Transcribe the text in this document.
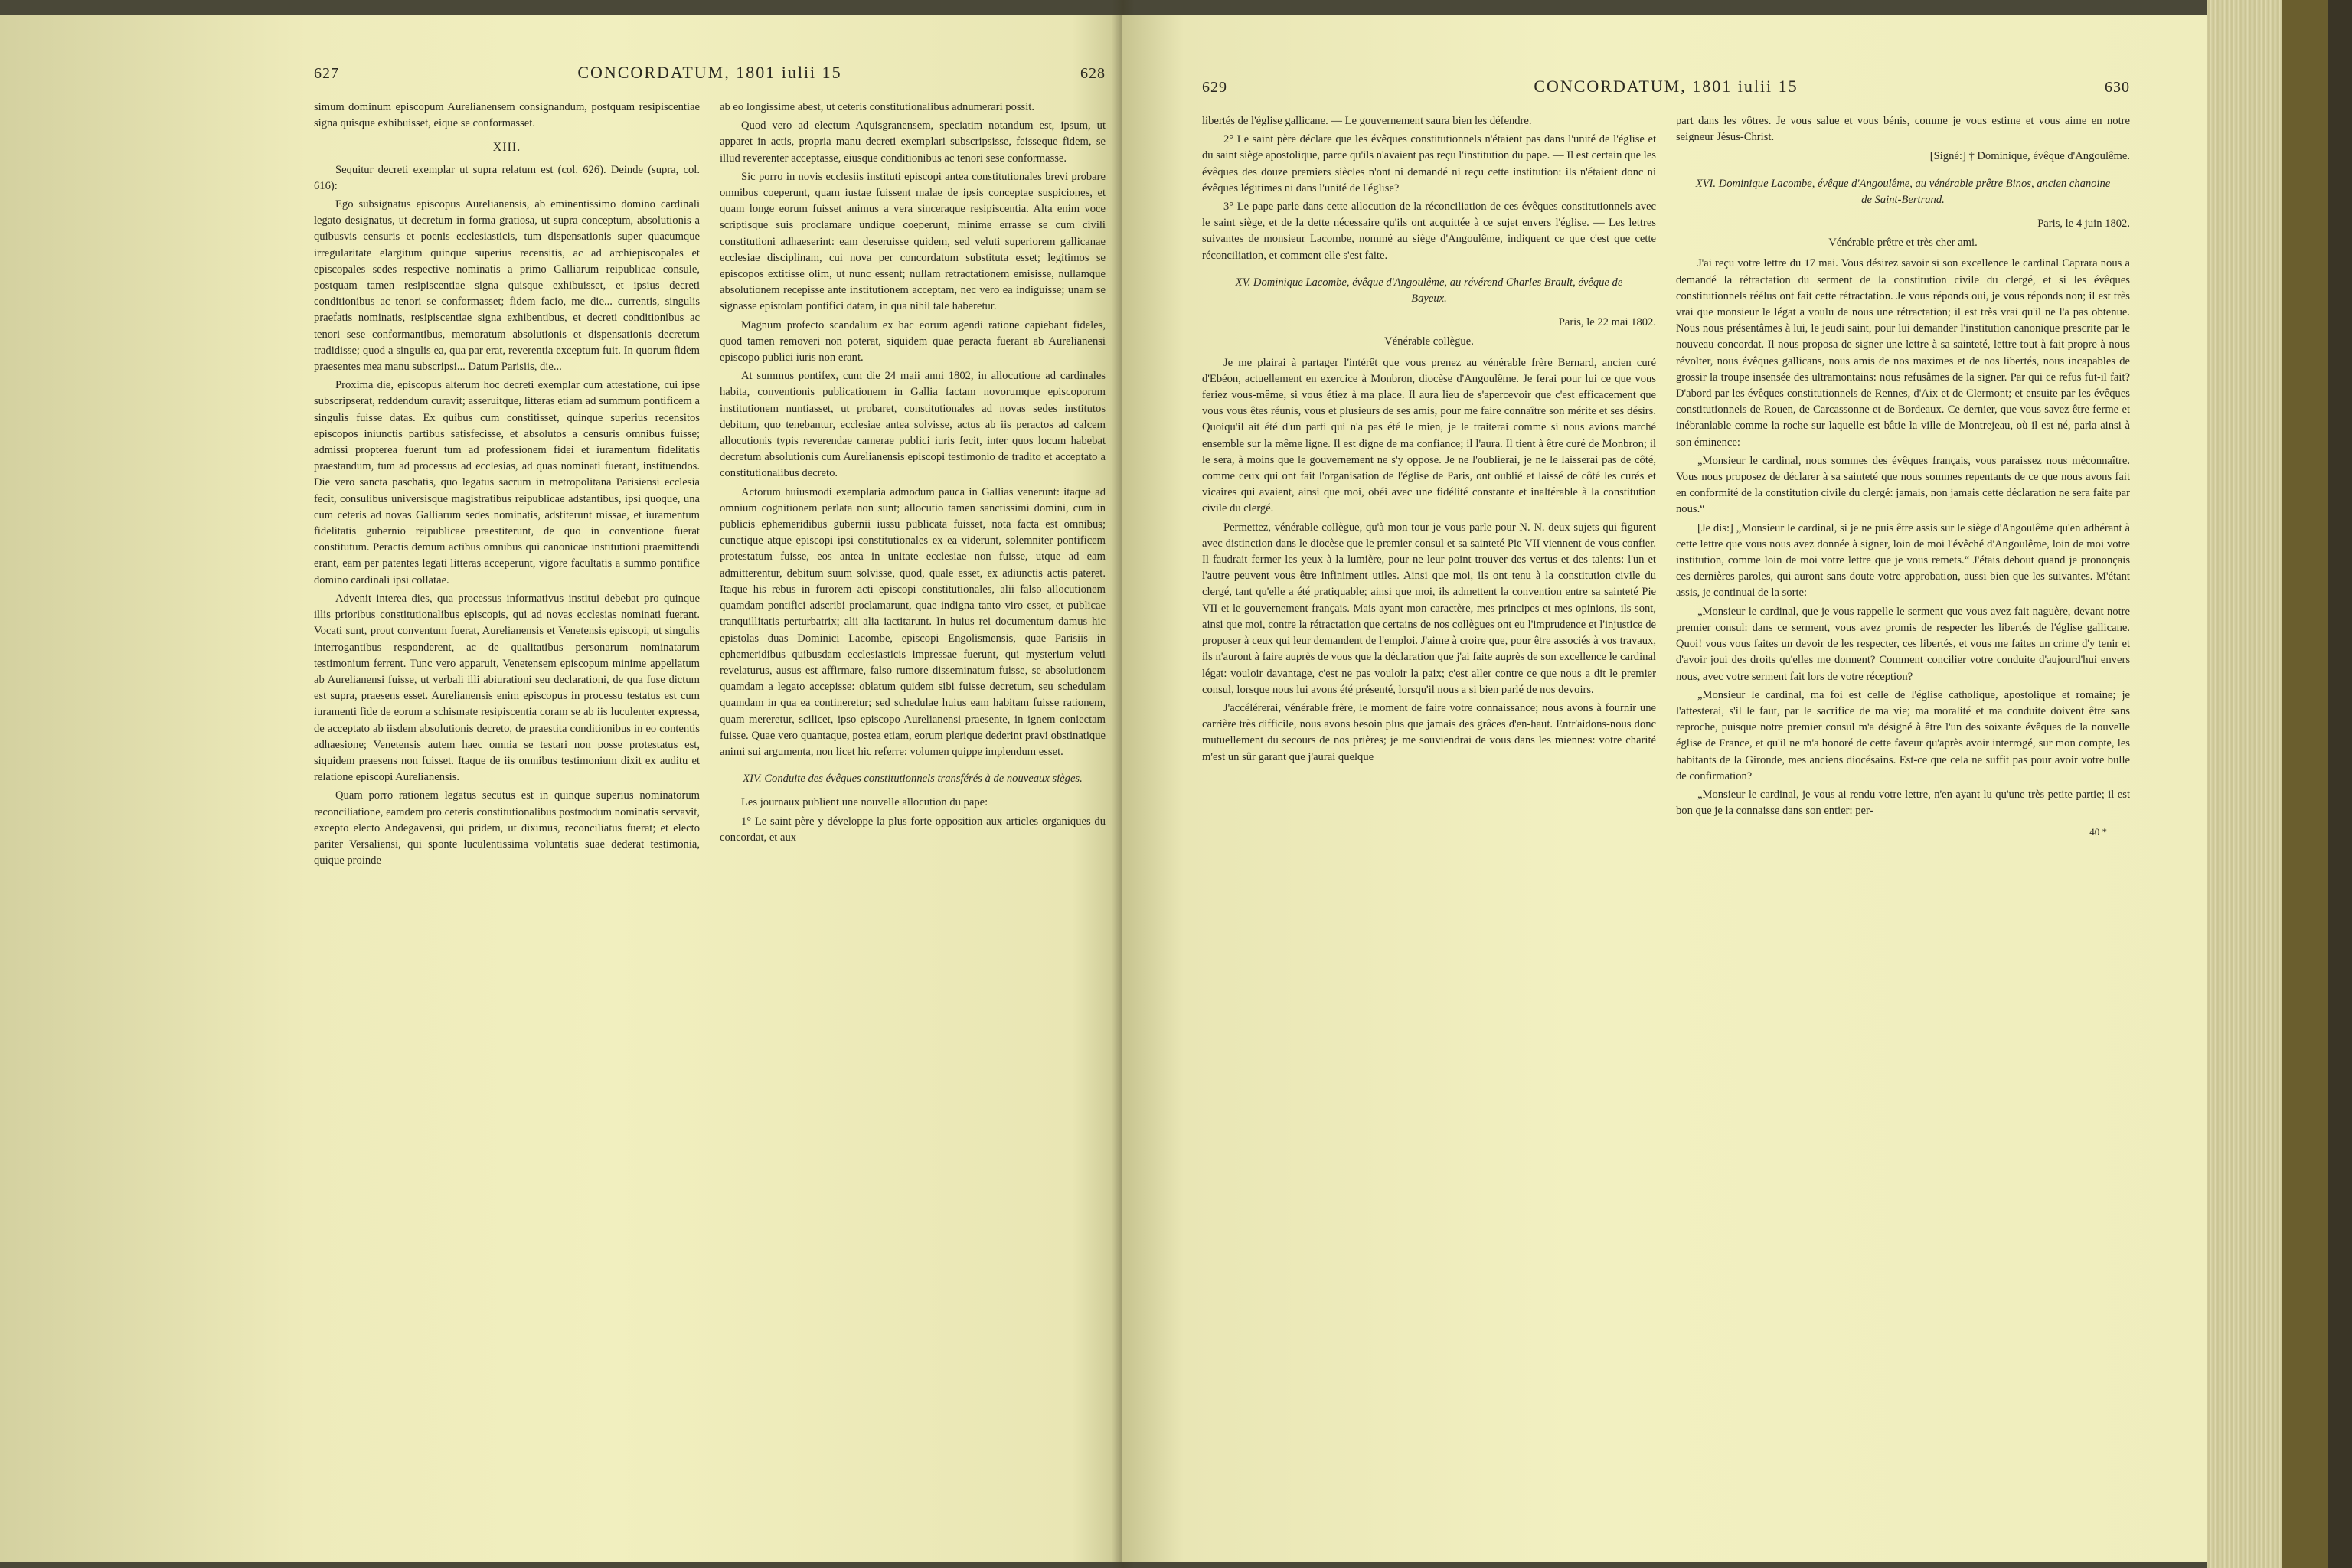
627	CONCORDATUM, 1801 iulii 15	628

simum dominum episcopum Aurelianensem consignandum, postquam resipiscentiae signa quisque exhibuisset, eique se conformasset.

XIII.

Sequitur decreti exemplar ut supra relatum est (col. 626). Deinde (supra, col. 616):

Ego subsignatus episcopus Aurelianensis, ab eminentissimo domino cardinali legato designatus, ut decretum in forma gratiosa, ut supra conceptum, absolutionis a quibusvis censuris et poenis ecclesiasticis, tum dispensationis super quacumque irregularitate elargitum quinque superius recensitis, ac ad archiepiscopales et episcopales sedes respective nominatis a primo Galliarum reipublicae consule, postquam tamen resipiscentiae signa quisque exhibuisset, et ipsius decreti conditionibus ac tenori se conformasset; fidem facio, me die... currentis, singulis praefatis nominatis, resipiscentiae signa exhibentibus, et decreti conditionibus ac tenori sese conformantibus, memoratum absolutionis et dispensationis decretum tradidisse; quod a singulis ea, qua par erat, reverentia exceptum fuit. In quorum fidem praesentes mea manu subscripsi... Datum Parisiis, die...

Proxima die, episcopus alterum hoc decreti exemplar cum attestatione, cui ipse subscripserat, reddendum curavit; asseruitque, litteras etiam ad summum pontificem a singulis fuisse datas. Ex quibus cum constitisset, quinque superius recensitos episcopos iniunctis partibus satisfecisse, et absolutos a censuris omnibus fuisse; admissi propterea fuerunt tum ad professionem fidei et iuramentum fidelitatis praestandum, tum ad processus ad ecclesias, ad quas nominati fuerant, instituendos. Die vero sancta paschatis, quo legatus sacrum in metropolitana Parisiensi ecclesia fecit, consulibus universisque magistratibus reipublicae adstantibus, ipsi quoque, una cum ceteris ad novas Galliarum sedes nominatis, adstiterunt missae, et iuramentum fidelitatis gubernio reipublicae praestiterunt, de quo in conventione fuerat constitutum. Peractis demum actibus omnibus qui canonicae institutioni praemittendi erant, eam per patentes legati litteras acceperunt, vigore facultatis a summo pontifice domino cardinali ipsi collatae.

Advenit interea dies, qua processus informativus institui debebat pro quinque illis prioribus constitutionalibus episcopis, qui ad novas ecclesias nominati fuerant. Vocati sunt, prout conventum fuerat, Aurelianensis et Venetensis episcopi, ut singulis interrogantibus responderent, ac de qualitatibus personarum nominatarum testimonium ferrent. Tunc vero apparuit, Venetensem episcopum minime appellatum ab Aurelianensi fuisse, ut verbali illi abiurationi seu declarationi, de qua fuse dictum est supra, praesens esset. Aurelianensis enim episcopus in processu testatus est cum iuramenti fide de eorum a schismate resipiscentia coram se ab iis luculenter expressa, de acceptato ab iisdem absolutionis decreto, de praestita conditionibus in eo contentis adhaesione; Venetensis autem haec omnia se testari non posse protestatus est, siquidem praesens non fuisset. Itaque de iis omnibus testimonium dixit ex auditu et relatione episcopi Aurelianensis.

Quam porro rationem legatus secutus est in quinque superius nominatorum reconciliatione, eamdem pro ceteris constitutionalibus postmodum nominatis servavit, excepto electo Andegavensi, qui pridem, ut diximus, reconciliatus fuerat; et electo pariter Versaliensi, qui sponte luculentissima voluntatis suae dederat testimonia, quique proinde

ab eo longissime abest, ut ceteris constitutionalibus adnumerari possit.

Quod vero ad electum Aquisgranensem, speciatim notandum est, ipsum, ut apparet in actis, propria manu decreti exemplari subscripsisse, feisseque fidem, se illud reverenter acceptasse, eiusque conditionibus ac tenori sese conformasse.

Sic porro in novis ecclesiis instituti episcopi antea constitutionales brevi probare omnibus coeperunt, quam iustae fuissent malae de ipsis conceptae suspiciones, et quam longe eorum fuisset animus a vera sinceraque resipiscentia. Alta enim voce scriptisque suis proclamare undique coeperunt, minime errasse se cum civili constitutioni adhaeserint: eam deseruisse quidem, sed veluti superiorem gallicanae ecclesiae disciplinam, cui nova per concordatum substituta esset; legitimos se episcopos extitisse olim, ut nunc essent; nullam retractationem emisisse, nullamque absolutionem recepisse ante institutionem acceptam, nec vero ea indiguisse; unam se signasse epistolam pontifici datam, in qua nihil tale haberetur.

Magnum profecto scandalum ex hac eorum agendi ratione capiebant fideles, quod tamen removeri non poterat, siquidem quae peracta fuerant ab Aurelianensi episcopo publici iuris non erant.

At summus pontifex, cum die 24 maii anni 1802, in allocutione ad cardinales habita, conventionis publicationem in Gallia factam novorumque episcoporum institutionem nuntiasset, ut probaret, constitutionales ad novas sedes institutos debitum, quo tenebantur, ecclesiae antea solvisse, actus ab iis peractos ad calcem allocutionis typis reverendae camerae publici iuris fecit, inter quos locum habebat decretum absolutionis cum Aurelianensis episcopi testimonio de tradito et acceptato a constitutionalibus decreto.

Actorum huiusmodi exemplaria admodum pauca in Gallias venerunt: itaque ad omnium cognitionem perlata non sunt; allocutio tamen sanctissimi domini, cum in publicis ephemeridibus gubernii iussu publicata fuisset, nota facta est omnibus; cunctique atque episcopi ipsi constitutionales ex ea viderunt, solemniter pontificem protestatum fuisse, eos antea in unitate ecclesiae non fuisse, utque ad eam admitterentur, debitum suum solvisse, quod, quale esset, ex adiunctis actis pateret. Itaque his rebus in furorem acti episcopi constitutionales, alii falso allocutionem quamdam pontifici adscribi proclamarunt, quae indigna tanto viro esset, et publicae tranquillitatis perturbatrix; alii alia iactitarunt. In huius rei documentum damus hic epistolas duas Dominici Lacombe, episcopi Engolismensis, quae Parisiis in ephemeridibus quibusdam ecclesiasticis impressae fuerunt, qui mysterium veluti revelaturus, ausus est affirmare, falso rumore disseminatum fuisse, se absolutionem quamdam a legato accepisse: oblatum quidem sibi fuisse decretum, seu schedulam quamdam in qua ea contineretur; sed schedulae huius eam habitam fuisse rationem, quam mereretur, scilicet, ipso episcopo Aurelianensi praesente, in ignem coniectam fuisse. Quae vero quantaque, postea etiam, eorum plerique dederint pravi obstinatique animi sui argumenta, non licet hic referre: volumen quippe implendum esset.

XIV. Conduite des évêques constitutionnels transférés à de nouveaux sièges.

Les journaux publient une nouvelle allocution du pape:

1° Le saint père y développe la plus forte opposition aux articles organiques du concordat, et aux

629	CONCORDATUM, 1801 iulii 15	630

libertés de l'église gallicane. — Le gouvernement saura bien les défendre.

2° Le saint père déclare que les évêques constitutionnels n'étaient pas dans l'unité de l'église et du saint siège apostolique, parce qu'ils n'avaient pas reçu l'institution du pape. — Il est certain que les évêques des douze premiers siècles n'ont ni demandé ni reçu cette institution: ils n'étaient donc ni évêques légitimes ni dans l'unité de l'église?

3° Le pape parle dans cette allocution de la réconciliation de ces évêques constitutionnels avec le saint siège, et de la dette nécessaire qu'ils ont acquittée à ce sujet envers l'église. — Les lettres suivantes de monsieur Lacombe, nommé au siège d'Angoulême, indiquent ce que c'est que cette réconciliation, et comment elle s'est faite.

XV. Dominique Lacombe, évêque d'Angoulême, au révérend Charles Brault, évêque de Bayeux.
Paris, le 22 mai 1802.
Vénérable collègue.

Je me plairai à partager l'intérêt que vous prenez au vénérable frère Bernard, ancien curé d'Ebéon, actuellement en exercice à Monbron, diocèse d'Angoulême. Je ferai pour lui ce que vous feriez vous-même, si vous étiez à ma place. Il aura lieu de s'apercevoir que c'est efficacement que vous vous êtes réunis, vous et plusieurs de ses amis, pour me faire connaître son mérite et ses désirs. Quoiqu'il ait été d'un parti qui n'a pas été le mien, je le traiterai comme si nous avions marché ensemble sur la même ligne. Il est digne de ma confiance; il l'aura. Il tient à être curé de Monbron; il le sera, à moins que le gouvernement ne s'y oppose. Je ne l'oublierai, je ne le laisserai pas de côté, comme ceux qui ont fait l'organisation de l'église de Paris, ont oublié et laissé de côté les curés et vicaires qui avaient, ainsi que moi, obéi avec une fidélité constante et inaltérable à la constitution civile du clergé.

Permettez, vénérable collègue, qu'à mon tour je vous parle pour N. N. deux sujets qui figurent avec distinction dans le diocèse que le premier consul et sa sainteté Pie VII viennent de vous confier. Il faudrait fermer les yeux à la lumière, pour ne leur point trouver des vertus et des talents: l'un et l'autre peuvent vous être infiniment utiles. Ainsi que moi, ils ont tenu à la constitution civile du clergé, tant qu'elle a été pratiquable; ainsi que moi, ils admettent la convention entre sa sainteté Pie VII et le gouvernement français. Mais ayant mon caractère, mes principes et mes opinions, ils sont, ainsi que moi, contre la rétractation que certains de nos collègues ont eu l'imprudence et l'injustice de proposer à ceux qui leur demandent de l'emploi. J'aime à croire que, pour être associés à vos travaux, ils n'auront à faire auprès de vous que la déclaration que j'ai faite auprès de son excellence le cardinal légat: vouloir davantage, c'est ne pas vouloir la paix; c'est aller contre ce que nous a dit le premier consul, lorsque nous lui avons été présenté, lorsqu'il nous a si bien parlé de nos devoirs.

J'accélérerai, vénérable frère, le moment de faire votre connaissance; nous avons à fournir une carrière très difficile, nous avons besoin plus que jamais des grâces d'en-haut. Entr'aidons-nous donc mutuellement du secours de nos prières; je me souviendrai de vous dans les miennes: votre charité m'est un sûr garant que j'aurai quelque

part dans les vôtres. Je vous salue et vous bénis, comme je vous estime et vous aime en notre seigneur Jésus-Christ.

[Signé:] † Dominique, évêque d'Angoulême.
XVI. Dominique Lacombe, évêque d'Angoulême, au vénérable prêtre Binos, ancien chanoine de Saint-Bertrand.
Paris, le 4 juin 1802.
Vénérable prêtre et très cher ami.

J'ai reçu votre lettre du 17 mai. Vous désirez savoir si son excellence le cardinal Caprara nous a demandé la rétractation du serment de la constitution civile du clergé, et si les évêques constitutionnels réélus ont fait cette rétractation. Je vous réponds oui, je vous réponds non; il est très vrai que monsieur le légat a voulu de nous une rétractation; il est très vrai qu'il ne l'a pas obtenue. Nous nous présentâmes à lui, le jeudi saint, pour lui demander l'institution canonique prescrite par le nouveau concordat. Il nous proposa de signer une lettre à sa sainteté, lettre tout à fait propre à nous révolter, nous évêques gallicans, nous amis de nos maximes et de nos libertés, nous incapables de grossir la troupe insensée des ultramontains: nous refusâmes de la signer. Par qui ce refus fut-il fait? D'abord par les évêques constitutionnels de Rennes, d'Aix et de Clermont; et ensuite par les évêques constitutionnels de Rouen, de Carcassonne et de Bordeaux. Ce dernier, que vous savez être ferme et inébranlable comme la roche sur laquelle est bâtie la ville de Montrejeau, où il est né, parla ainsi à son éminence:

„Monsieur le cardinal, nous sommes des évêques français, vous paraissez nous méconnaître. Vous nous proposez de déclarer à sa sainteté que nous sommes repentants de ce que nous avons fait en conformité de la constitution civile du clergé: jamais, non jamais cette déclaration ne sera faite par nous.“

[Je dis:] „Monsieur le cardinal, si je ne puis être assis sur le siège d'Angoulême qu'en adhérant à cette lettre que vous nous avez donnée à signer, loin de moi l'évêché d'Angoulême, loin de moi votre institution, comme loin de moi votre lettre que je vous remets.“ J'étais debout quand je prononçais ces dernières paroles, qui auront sans doute votre approbation, aussi bien que les suivantes. M'étant assis, je continuai de la sorte:

„Monsieur le cardinal, que je vous rappelle le serment que vous avez fait naguère, devant notre premier consul: dans ce serment, vous avez promis de respecter les libertés de l'église gallicane. Quoi! vous vous faites un devoir de les respecter, ces libertés, et vous me faites un crime d'y tenir et d'avoir joui des droits qu'elles me donnent? Comment concilier votre conduite d'aujourd'hui envers nous, avec votre serment fait lors de votre réception?

„Monsieur le cardinal, ma foi est celle de l'église catholique, apostolique et romaine; je l'attesterai, s'il le faut, par le sacrifice de ma vie; ma moralité et ma conduite doivent être sans reproche, puisque notre premier consul m'a désigné à être l'un des soixante évêques de la nouvelle église de France, et qu'il ne m'a honoré de cette faveur qu'après avoir interrogé, sur mon compte, les habitants de la Gironde, mes anciens diocésains. Est-ce que cela ne suffit pas pour avoir votre bulle de confirmation?

„Monsieur le cardinal, je vous ai rendu votre lettre, n'en ayant lu qu'une très petite partie; il est bon que je la connaisse dans son entier: per-

40 *
